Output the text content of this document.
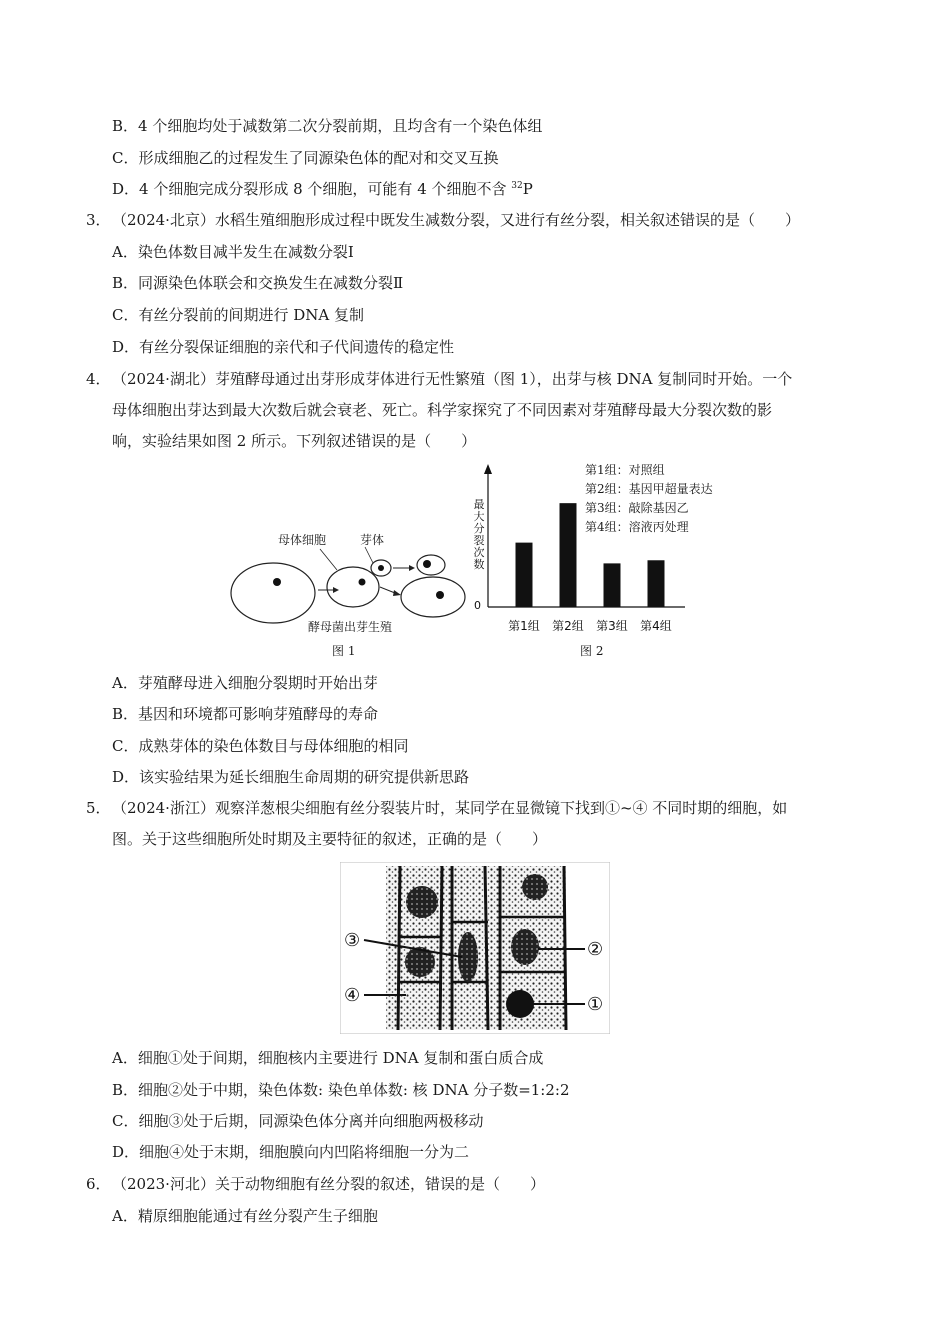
B．4 个细胞均处于减数第二次分裂前期，且均含有一个染色体组
C．形成细胞乙的过程发生了同源染色体的配对和交叉互换
D．4 个细胞完成分裂形成 8 个细胞，可能有 4 个细胞不含 $^{32}$P
3． （2024·北京）水稻生殖细胞形成过程中既发生减数分裂，又进行有丝分裂，相关叙述错误的是（　　）
A．染色体数目减半发生在减数分裂Ⅰ
B．同源染色体联会和交换发生在减数分裂Ⅱ
C．有丝分裂前的间期进行 DNA 复制
D．有丝分裂保证细胞的亲代和子代间遗传的稳定性
4． （2024·湖北）芽殖酵母通过出芽形成芽体进行无性繁殖（图 1），出芽与核 DNA 复制同时开始。一个
母体细胞出芽达到最大次数后就会衰老、死亡。科学家探究了不同因素对芽殖酵母最大分裂次数的影
响，实验结果如图 2 所示。下列叙述错误的是（　　）
母体细胞	芽体
酵母菌出芽生殖
图 1
0
最
大
分
裂
次
数
第1组 第2组 第3组 第4组
第1组：对照组
第2组：基因甲超量表达
第3组：敲除基因乙
第4组：溶液丙处理
图 2
A．芽殖酵母进入细胞分裂期时开始出芽
B．基因和环境都可影响芽殖酵母的寿命
C．成熟芽体的染色体数目与母体细胞的相同
D．该实验结果为延长细胞生命周期的研究提供新思路
5． （2024·浙江）观察洋葱根尖细胞有丝分裂装片时，某同学在显微镜下找到①~④ 不同时期的细胞，如
图。关于这些细胞所处时期及主要特征的叙述，正确的是（　　）
③
④
②
①
A．细胞①处于间期，细胞核内主要进行 DNA 复制和蛋白质合成
B．细胞②处于中期，染色体数: 染色单体数: 核 DNA 分子数=1:2:2
C．细胞③处于后期，同源染色体分离并向细胞两极移动
D．细胞④处于末期，细胞膜向内凹陷将细胞一分为二
6． （2023·河北）关于动物细胞有丝分裂的叙述，错误的是（　　）
A．精原细胞能通过有丝分裂产生子细胞
